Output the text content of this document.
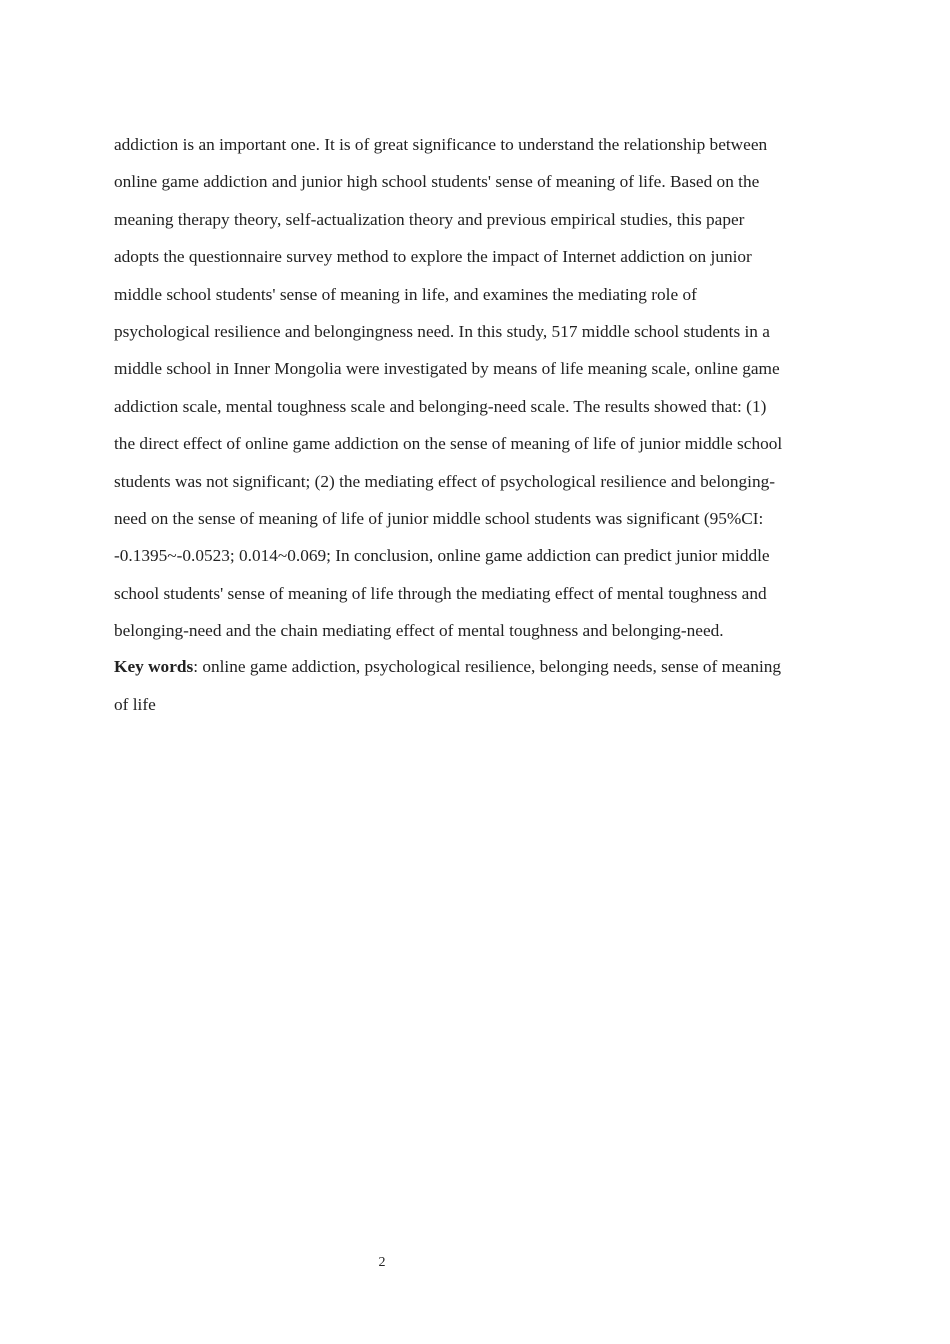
addiction is an important one. It is of great significance to understand the relationship between
online game addiction and junior high school students' sense of meaning of life. Based on the
meaning therapy theory, self-actualization theory and previous empirical studies, this paper
adopts the questionnaire survey method to explore the impact of Internet addiction on junior
middle school students' sense of meaning in life, and examines the mediating role of
psychological resilience and belongingness need. In this study, 517 middle school students in a
middle school in Inner Mongolia were investigated by means of life meaning scale, online game
addiction scale, mental toughness scale and belonging-need scale. The results showed that: (1)
the direct effect of online game addiction on the sense of meaning of life of junior middle school
students was not significant; (2) the mediating effect of psychological resilience and belonging-
need on the sense of meaning of life of junior middle school students was significant (95%CI:
-0.1395~-0.0523; 0.014~0.069; In conclusion, online game addiction can predict junior middle
school students' sense of meaning of life through the mediating effect of mental toughness and
belonging-need and the chain mediating effect of mental toughness and belonging-need.
Key words: online game addiction, psychological resilience, belonging needs, sense of meaning
of life
2
